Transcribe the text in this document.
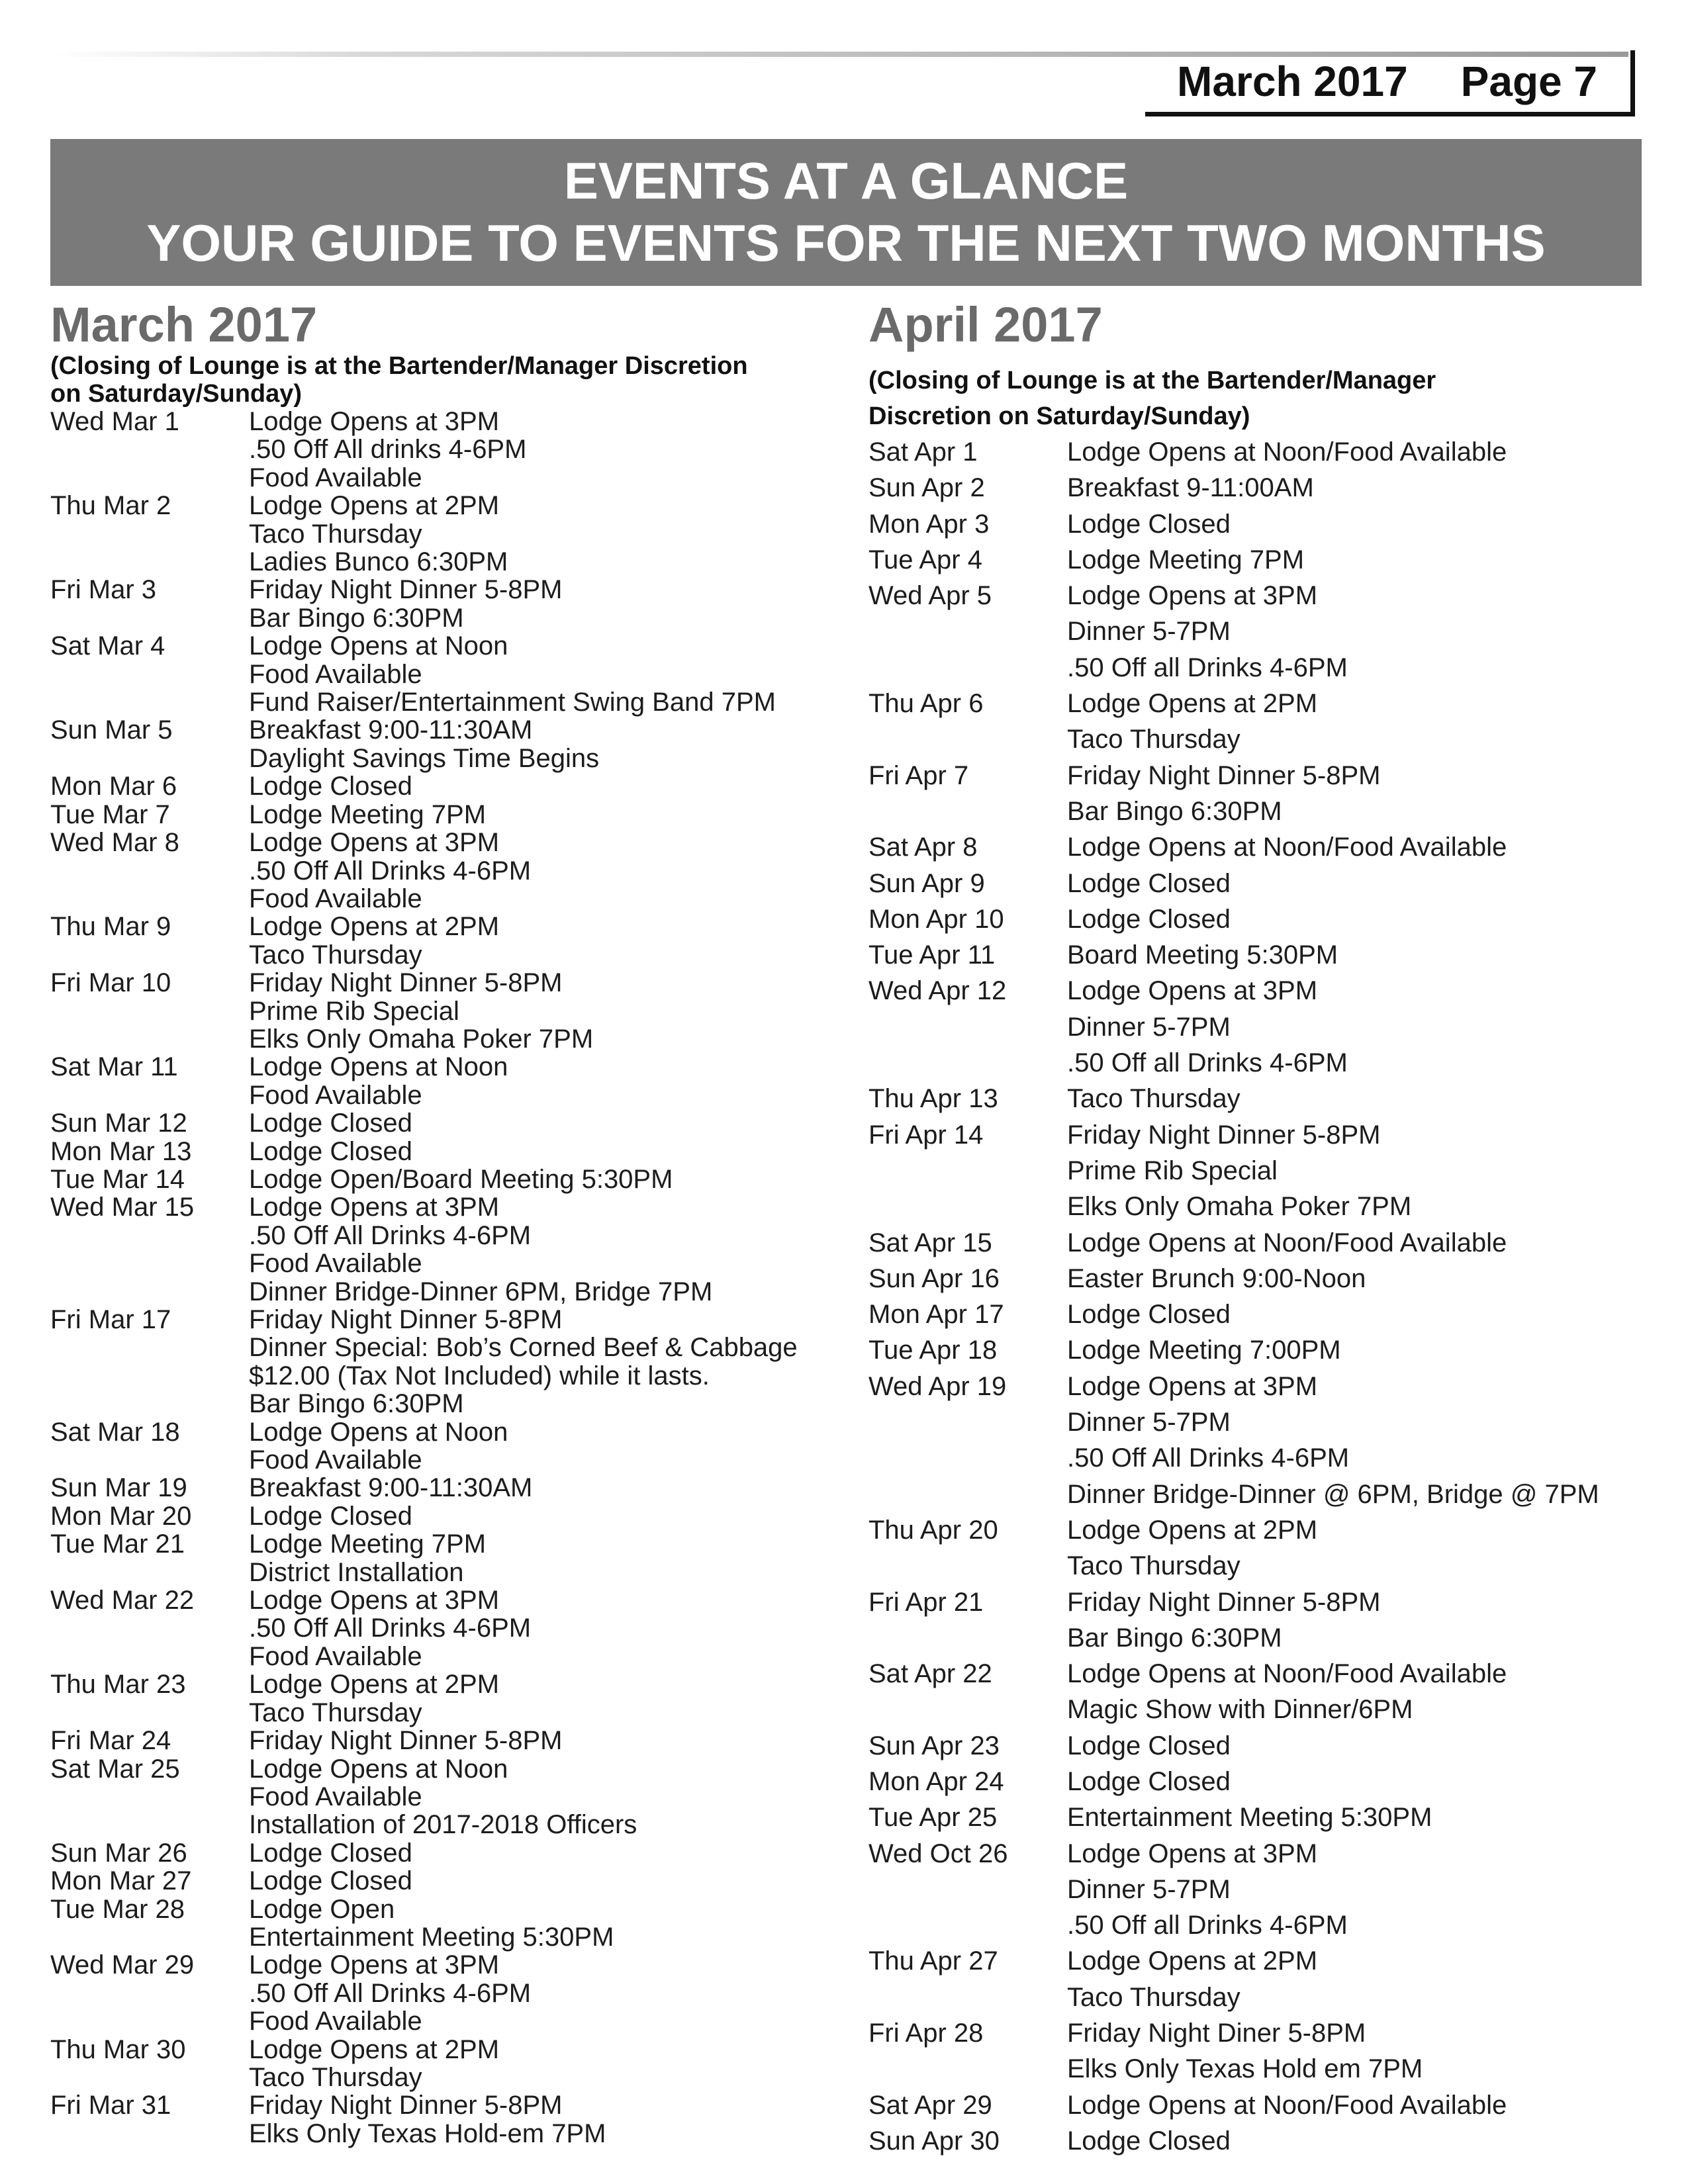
March 2017 Page 7
EVENTS AT A GLANCE
YOUR GUIDE TO EVENTS FOR THE NEXT TWO MONTHS
March 2017
(Closing of Lounge is at the Bartender/Manager Discretion
on Saturday/Sunday)
Wed Mar 1	Lodge Opens at 3PM
.50 Off All drinks 4-6PM
Food Available
Thu Mar 2	Lodge Opens at 2PM
Taco Thursday
Ladies Bunco 6:30PM
Fri Mar 3	Friday Night Dinner 5-8PM
Bar Bingo 6:30PM
Sat Mar 4	Lodge Opens at Noon
Food Available
Fund Raiser/Entertainment Swing Band 7PM
Sun Mar 5	Breakfast 9:00-11:30AM
Daylight Savings Time Begins
Mon Mar 6	Lodge Closed
Tue Mar 7	Lodge Meeting 7PM
Wed Mar 8	Lodge Opens at 3PM
.50 Off All Drinks 4-6PM
Food Available
Thu Mar 9	Lodge Opens at 2PM
Taco Thursday
Fri Mar 10	Friday Night Dinner 5-8PM
Prime Rib Special
Elks Only Omaha Poker 7PM
Sat Mar 11	Lodge Opens at Noon
Food Available
Sun Mar 12	Lodge Closed
Mon Mar 13	Lodge Closed
Tue Mar 14	Lodge Open/Board Meeting 5:30PM
Wed Mar 15	Lodge Opens at 3PM
.50 Off All Drinks 4-6PM
Food Available
Dinner Bridge-Dinner 6PM, Bridge 7PM
Fri Mar 17	Friday Night Dinner 5-8PM
Dinner Special: Bob’s Corned Beef & Cabbage
$12.00 (Tax Not Included) while it lasts.
Bar Bingo 6:30PM
Sat Mar 18	Lodge Opens at Noon
Food Available
Sun Mar 19	Breakfast 9:00-11:30AM
Mon Mar 20	Lodge Closed
Tue Mar 21	Lodge Meeting 7PM
District Installation
Wed Mar 22	Lodge Opens at 3PM
.50 Off All Drinks 4-6PM
Food Available
Thu Mar 23	Lodge Opens at 2PM
Taco Thursday
Fri Mar 24	Friday Night Dinner 5-8PM
Sat Mar 25	Lodge Opens at Noon
Food Available
Installation of 2017-2018 Officers
Sun Mar 26	Lodge Closed
Mon Mar 27	Lodge Closed
Tue Mar 28	Lodge Open
Entertainment Meeting 5:30PM
Wed Mar 29	Lodge Opens at 3PM
.50 Off All Drinks 4-6PM
Food Available
Thu Mar 30	Lodge Opens at 2PM
Taco Thursday
Fri Mar 31	Friday Night Dinner 5-8PM
Elks Only Texas Hold-em 7PM
April 2017
(Closing of Lounge is at the Bartender/Manager
Discretion on Saturday/Sunday)
Sat Apr 1	Lodge Opens at Noon/Food Available
Sun Apr 2	Breakfast 9-11:00AM
Mon Apr 3	Lodge Closed
Tue Apr 4	Lodge Meeting 7PM
Wed Apr 5	Lodge Opens at 3PM
Dinner 5-7PM
.50 Off all Drinks 4-6PM
Thu Apr 6	Lodge Opens at 2PM
Taco Thursday
Fri Apr 7	Friday Night Dinner 5-8PM
Bar Bingo 6:30PM
Sat Apr 8	Lodge Opens at Noon/Food Available
Sun Apr 9	Lodge Closed
Mon Apr 10	Lodge Closed
Tue Apr 11	Board Meeting 5:30PM
Wed Apr 12	Lodge Opens at 3PM
Dinner 5-7PM
.50 Off all Drinks 4-6PM
Thu Apr 13	Taco Thursday
Fri Apr 14	Friday Night Dinner 5-8PM
Prime Rib Special
Elks Only Omaha Poker 7PM
Sat Apr 15	Lodge Opens at Noon/Food Available
Sun Apr 16	Easter Brunch 9:00-Noon
Mon Apr 17	Lodge Closed
Tue Apr 18	Lodge Meeting 7:00PM
Wed Apr 19	Lodge Opens at 3PM
Dinner 5-7PM
.50 Off All Drinks 4-6PM
Dinner Bridge-Dinner @ 6PM, Bridge @ 7PM
Thu Apr 20	Lodge Opens at 2PM
Taco Thursday
Fri Apr 21	Friday Night Dinner 5-8PM
Bar Bingo 6:30PM
Sat Apr 22	Lodge Opens at Noon/Food Available
Magic Show with Dinner/6PM
Sun Apr 23	Lodge Closed
Mon Apr 24	Lodge Closed
Tue Apr 25	Entertainment Meeting 5:30PM
Wed Oct 26	Lodge Opens at 3PM
Dinner 5-7PM
.50 Off all Drinks 4-6PM
Thu Apr 27	Lodge Opens at 2PM
Taco Thursday
Fri Apr 28	Friday Night Diner 5-8PM
Elks Only Texas Hold em 7PM
Sat Apr 29	Lodge Opens at Noon/Food Available
Sun Apr 30	Lodge Closed
